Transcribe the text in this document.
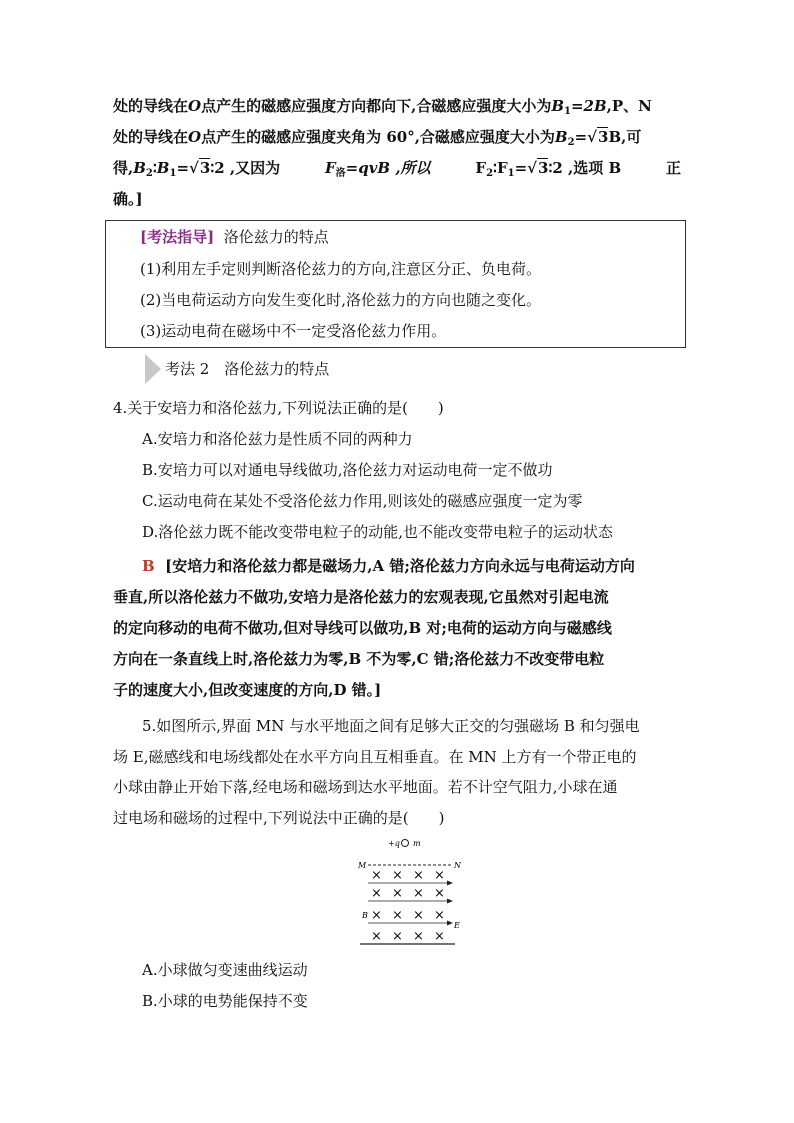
处的导线在O点产生的磁感应强度方向都向下,合磁感应强度大小为$B_1=2B,P$、N
处的导线在O点产生的磁感应强度夹角为 60°,合磁感应强度大小为$B_2=√3B$,可
得$,B_2∶B_1=√3∶2$ ,又因为	$F_洛=qvB$ ,所以	$F_2∶F_1=√3∶2$ ,选项 B	正
确。]
[考法指导] 洛伦兹力的特点
(1)利用左手定则判断洛伦兹力的方向,注意区分正、负电荷。
(2)当电荷运动方向发生变化时,洛伦兹力的方向也随之变化。
(3)运动电荷在磁场中不一定受洛伦兹力作用。
考法 2　洛伦兹力的特点
4.关于安培力和洛伦兹力,下列说法正确的是(　　)
A.安培力和洛伦兹力是性质不同的两种力
B.安培力可以对通电导线做功,洛伦兹力对运动电荷一定不做功
C.运动电荷在某处不受洛伦兹力作用,则该处的磁感应强度一定为零
D.洛伦兹力既不能改变带电粒子的动能,也不能改变带电粒子的运动状态
B [安培力和洛伦兹力都是磁场力,A 错;洛伦兹力方向永远与电荷运动方向
垂直,所以洛伦兹力不做功,安培力是洛伦兹力的宏观表现,它虽然对引起电流
的定向移动的电荷不做功,但对导线可以做功,B 对;电荷的运动方向与磁感线
方向在一条直线上时,洛伦兹力为零,B 不为零,C 错;洛伦兹力不改变带电粒
子的速度大小,但改变速度的方向,D 错。]
5.如图所示,界面 MN 与水平地面之间有足够大正交的匀强磁场 B 和匀强电
场 E,磁感线和电场线都处在水平方向且互相垂直。在 MN 上方有一个带正电的
小球由静止开始下落,经电场和磁场到达水平地面。若不计空气阻力,小球在通
过电场和磁场的过程中,下列说法中正确的是(　　)
+q m
M	N
× × × ×
× × × ×
B × × × ×
E
× × × ×
A.小球做匀变速曲线运动
B.小球的电势能保持不变
